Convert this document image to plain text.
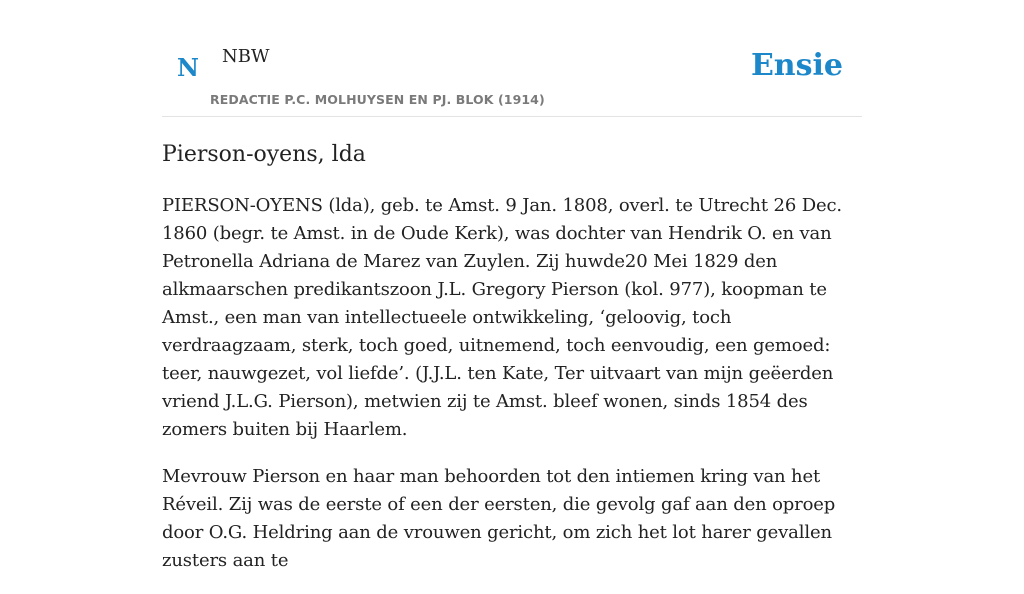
N NBW
REDACTIE P.C. MOLHUYSEN EN PJ. BLOK (1914)
Ensie
Pierson-oyens, lda

PIERSON-OYENS (lda), geb. te Amst. 9 Jan. 1808, overl. te Utrecht 26 Dec. 1860 (begr. te Amst. in de Oude Kerk), was dochter van Hendrik O. en van Petronella Adriana de Marez van Zuylen. Zij huwde20 Mei 1829 den alkmaarschen predikantszoon J.L. Gregory Pierson (kol. 977), koopman te Amst., een man van intellectueele ontwikkeling, ‘geloovig, toch verdraagzaam, sterk, toch goed, uitnemend, toch eenvoudig, een gemoed: teer, nauwgezet, vol liefde’. (J.J.L. ten Kate, Ter uitvaart van mijn geëerden vriend J.L.G. Pierson), metwien zij te Amst. bleef wonen, sinds 1854 des zomers buiten bij Haarlem.

Mevrouw Pierson en haar man behoorden tot den intiemen kring van het Réveil. Zij was de eerste of een der eersten, die gevolg gaf aan den oproep door O.G. Heldring aan de vrouwen gericht, om zich het lot harer gevallen zusters aan te
